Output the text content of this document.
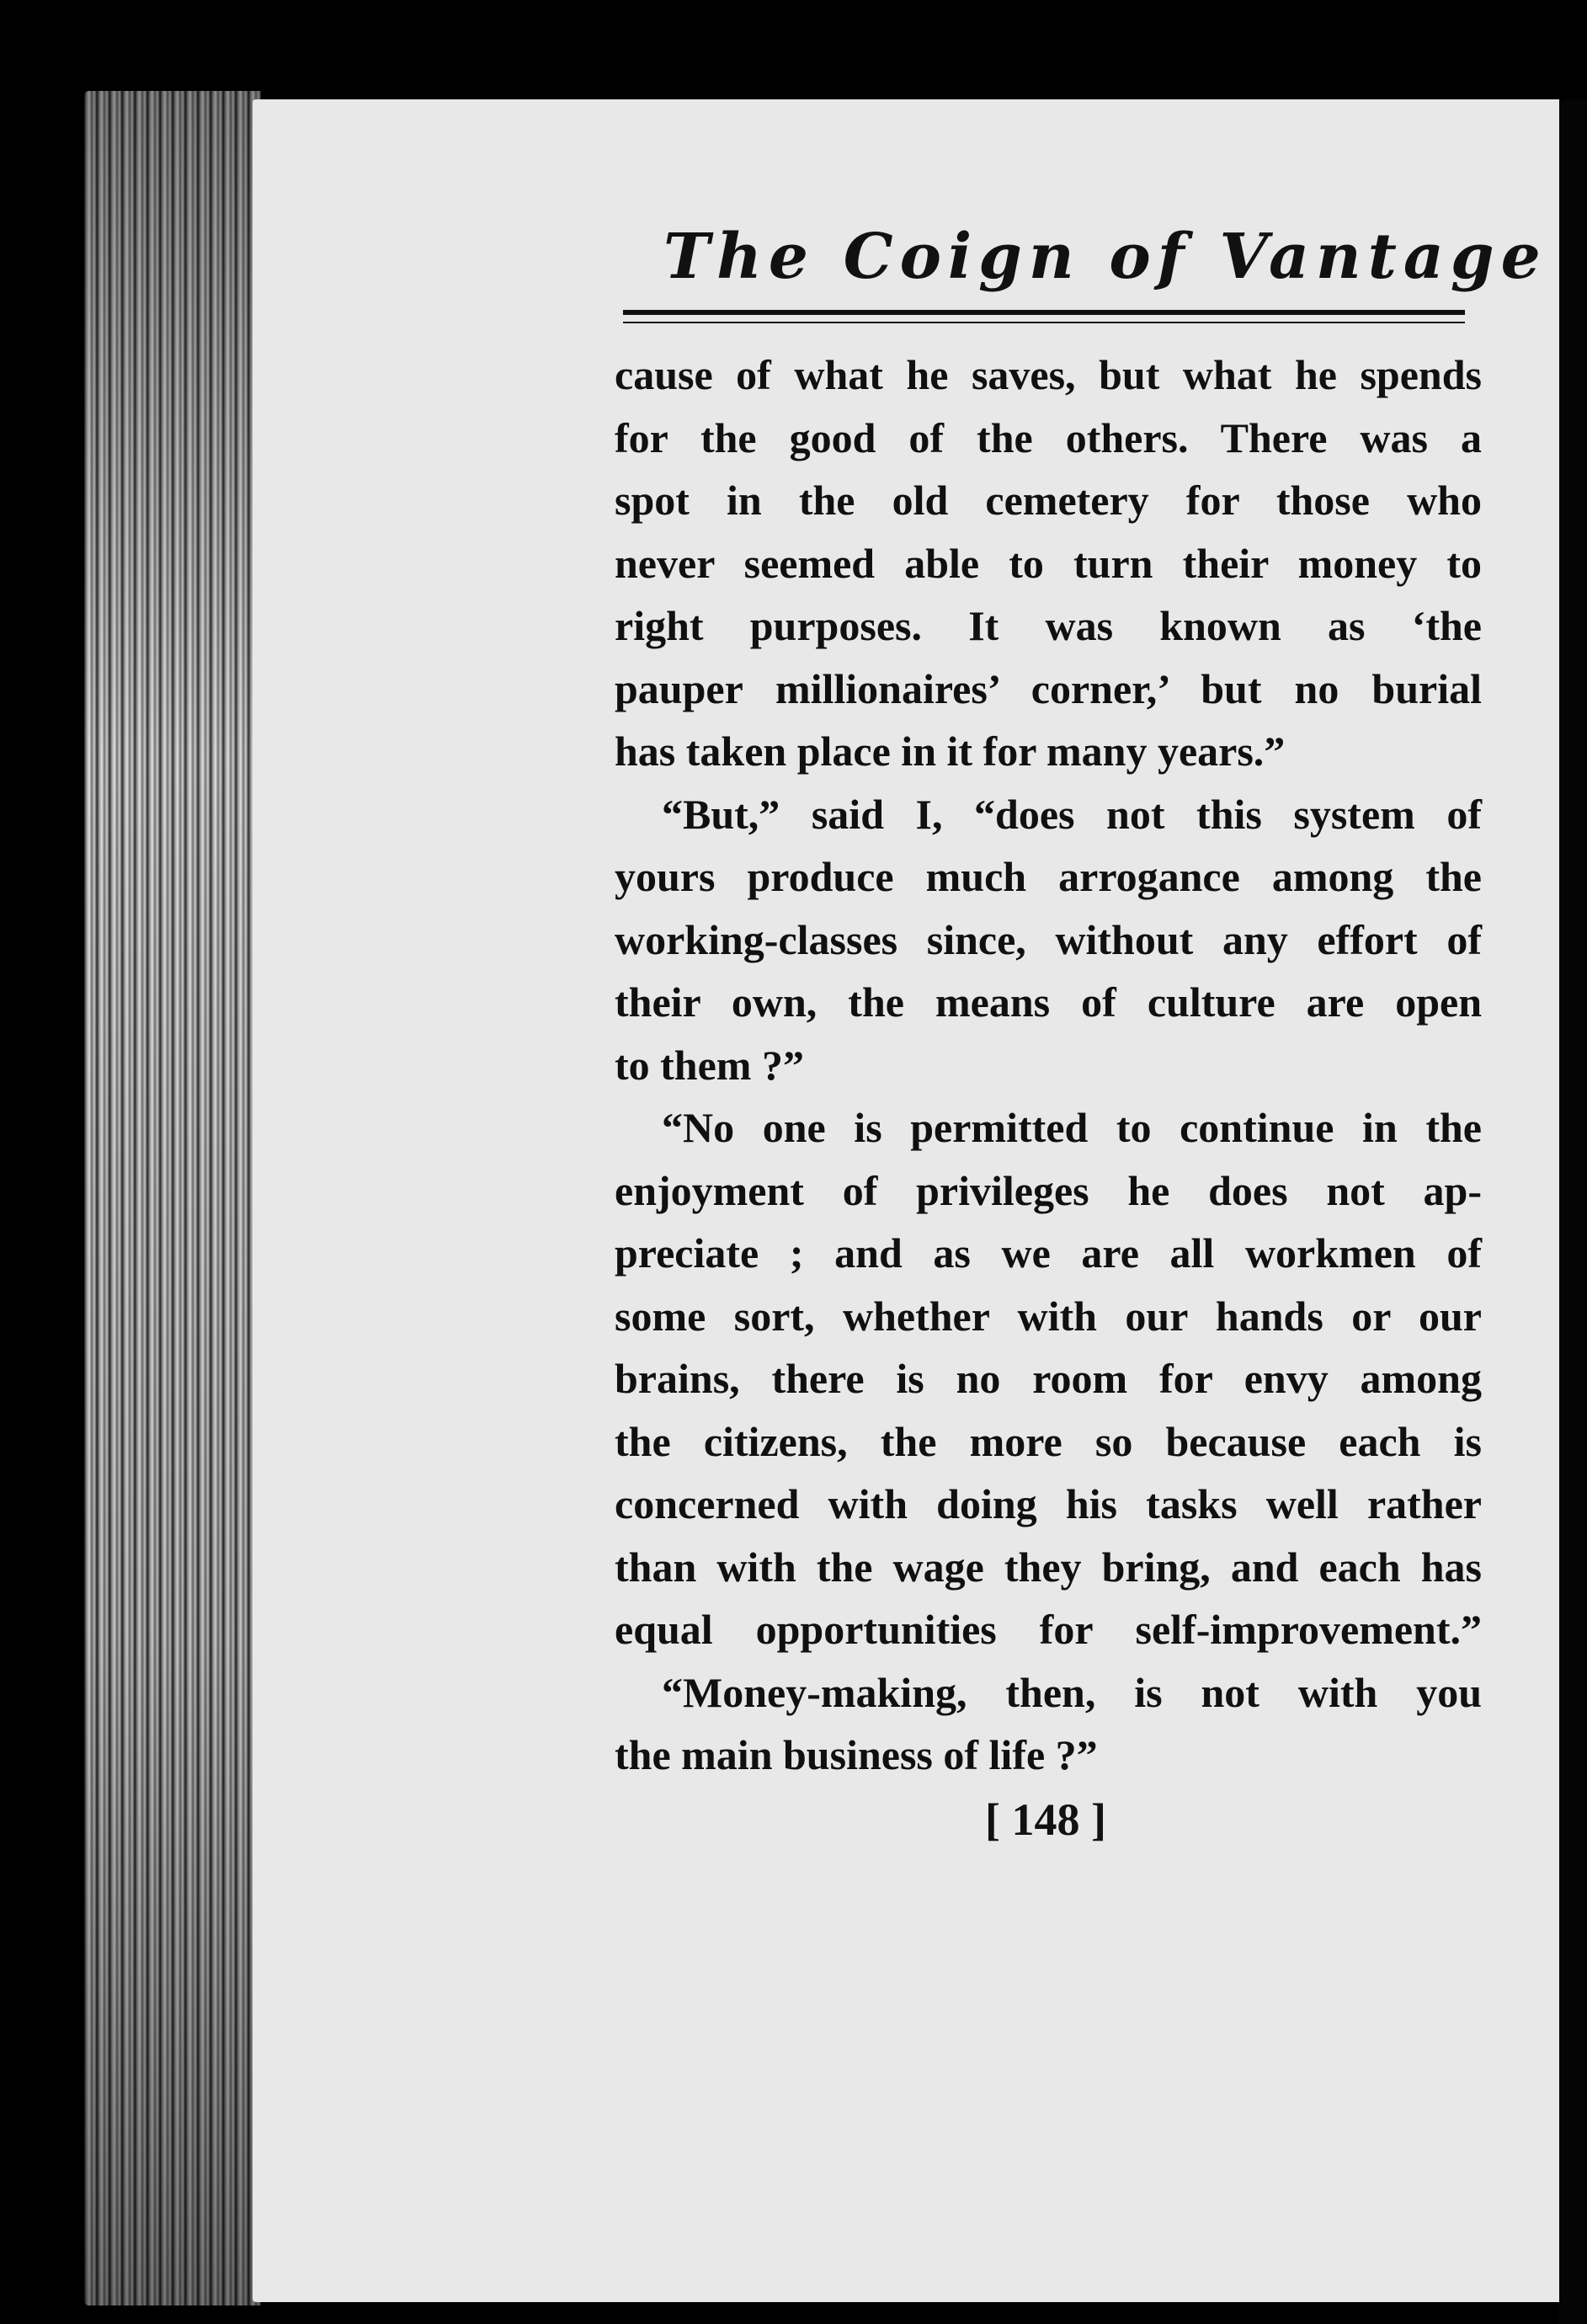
The Coign of Vantage
cause of what he saves, but what he spends
for the good of the others. There was a
spot in the old cemetery for those who
never seemed able to turn their money to
right purposes. It was known as ‘the
pauper millionaires’ corner,’ but no burial
has taken place in it for many years.”
“But,” said I, “does not this system of
yours produce much arrogance among the
working-classes since, without any effort of
their own, the means of culture are open
to them ?”
“No one is permitted to continue in the
enjoyment of privileges he does not ap-
preciate ; and as we are all workmen of
some sort, whether with our hands or our
brains, there is no room for envy among
the citizens, the more so because each is
concerned with doing his tasks well rather
than with the wage they bring, and each has
equal opportunities for self-improvement.”
“Money-making, then, is not with you
the main business of life ?”
[ 148 ]
